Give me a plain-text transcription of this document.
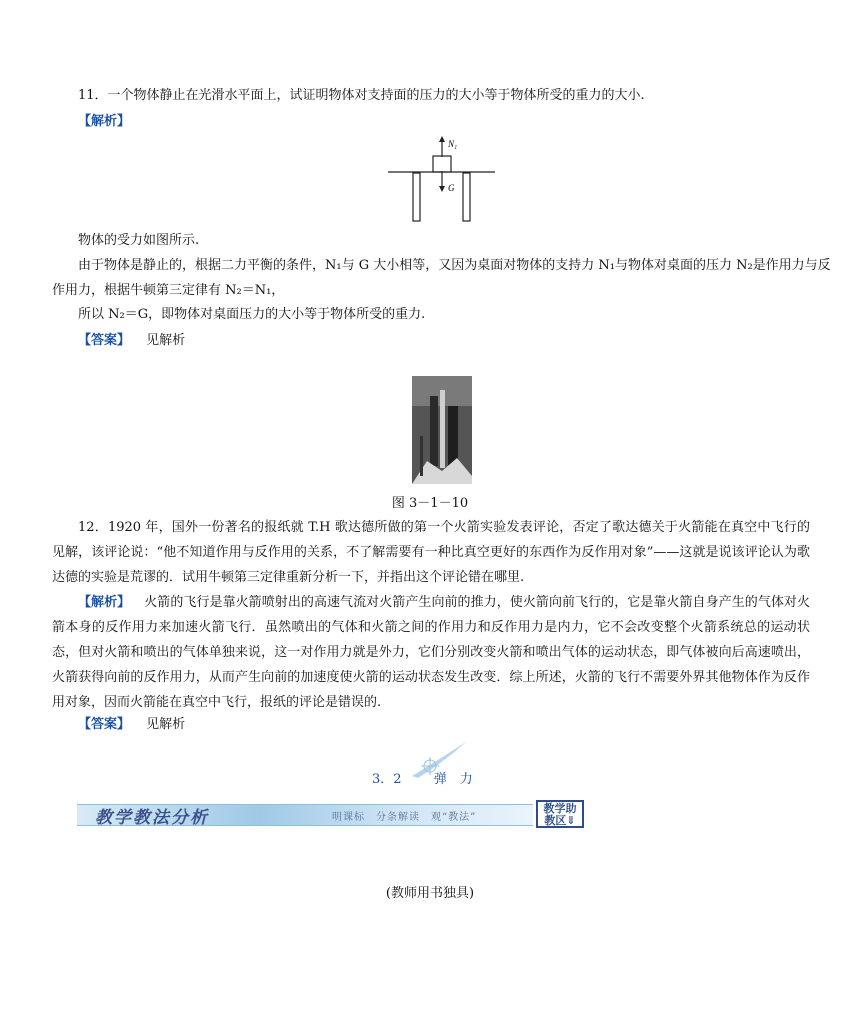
11．一个物体静止在光滑水平面上，试证明物体对支持面的压力的大小等于物体所受的重力的大小.
【解析】
N₁
G
物体的受力如图所示.
由于物体是静止的，根据二力平衡的条件，N₁与 G 大小相等，又因为桌面对物体的支持力 N₁与物体对桌面的压力 N₂是作用力与反
作用力，根据牛顿第三定律有 N₂＝N₁，
所以 N₂＝G，即物体对桌面压力的大小等于物体所受的重力.
【答案】 见解析
图 3－1－10
12．1920 年，国外一份著名的报纸就 T.H 歌达德所做的第一个火箭实验发表评论，否定了歌达德关于火箭能在真空中飞行的见解，该评论说：“他不知道作用与反作用的关系，不了解需要有一种比真空更好的东西作为反作用对象”——这就是说该评论认为歌达德的实验是荒谬的．试用牛顿第三定律重新分析一下，并指出这个评论错在哪里.
【解析】 火箭的飞行是靠火箭喷射出的高速气流对火箭产生向前的推力，使火箭向前飞行的，它是靠火箭自身产生的气体对火箭本身的反作用力来加速火箭飞行．虽然喷出的气体和火箭之间的作用力和反作用力是内力，它不会改变整个火箭系统总的运动状态，但对火箭和喷出的气体单独来说，这一对作用力就是外力，它们分别改变火箭和喷出气体的运动状态，即气体被向后高速喷出，火箭获得向前的反作用力，从而产生向前的加速度使火箭的运动状态发生改变．综上所述，火箭的飞行不需要外界其他物体作为反作用对象，因而火箭能在真空中飞行，报纸的评论是错误的.
【答案】 见解析
3．2 弹　力
教学教法分析	明课标　分条解读　观“教法”
教学助
教区⇓
(教师用书独具)
